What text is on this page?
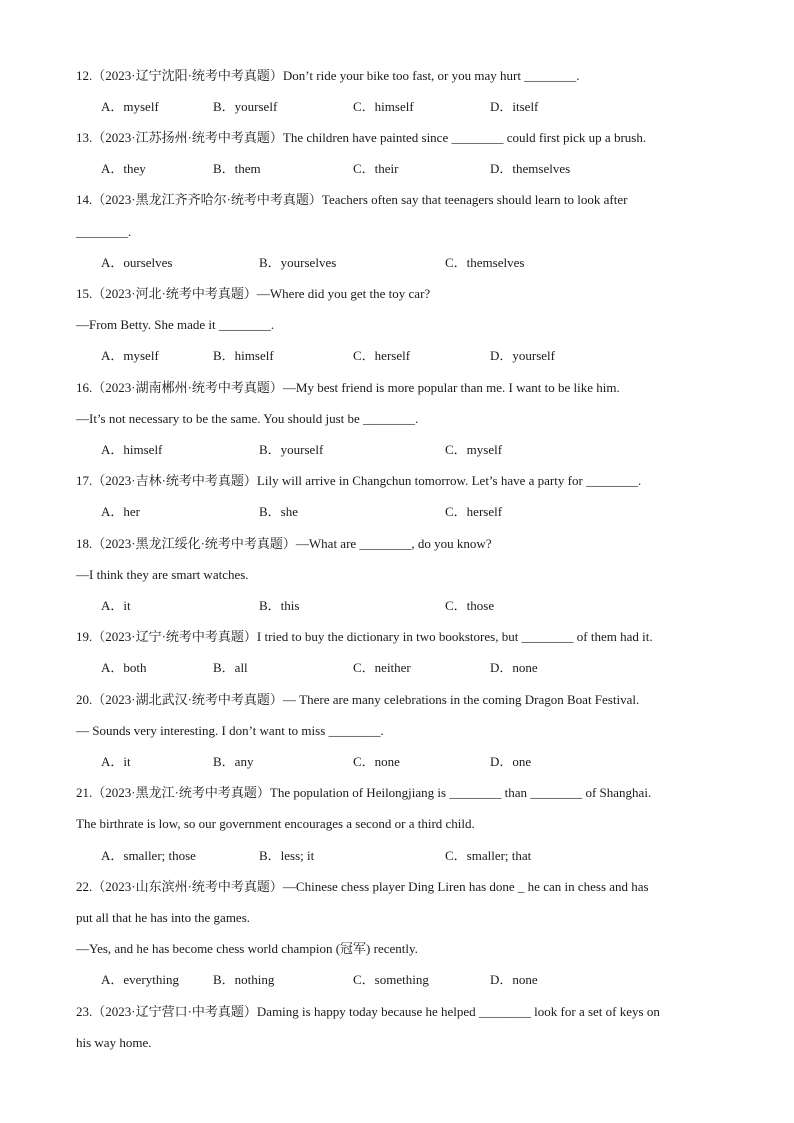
12.（2023·辽宁沈阳·统考中考真题）Don’t ride your bike too fast, or you may hurt ________.
A．myself	B．yourself	C．himself	D．itself
13.（2023·江苏扬州·统考中考真题）The children have painted since ________ could first pick up a brush.
A．they	B．them	C．their	D．themselves
14.（2023·黑龙江齐齐哈尔·统考中考真题）Teachers often say that teenagers should learn to look after
________.
A．ourselves	B．yourselves	C．themselves
15.（2023·河北·统考中考真题）—Where did you get the toy car?
—From Betty. She made it ________.
A．myself	B．himself	C．herself	D．yourself
16.（2023·湖南郴州·统考中考真题）—My best friend is more popular than me. I want to be like him.
—It’s not necessary to be the same. You should just be ________.
A．himself	B．yourself	C．myself
17.（2023·吉林·统考中考真题）Lily will arrive in Changchun tomorrow. Let’s have a party for ________.
A．her	B．she	C．herself
18.（2023·黑龙江绥化·统考中考真题）—What are ________, do you know?
—I think they are smart watches.
A．it	B．this	C．those
19.（2023·辽宁·统考中考真题）I tried to buy the dictionary in two bookstores, but ________ of them had it.
A．both	B．all	C．neither	D．none
20.（2023·湖北武汉·统考中考真题）— There are many celebrations in the coming Dragon Boat Festival.
— Sounds very interesting. I don’t want to miss ________.
A．it	B．any	C．none	D．one
21.（2023·黑龙江·统考中考真题）The population of Heilongjiang is ________ than ________ of Shanghai.
The birthrate is low, so our government encourages a second or a third child.
A．smaller; those	B．less; it	C．smaller; that
22.（2023·山东滨州·统考中考真题）—Chinese chess player Ding Liren has done _ he can in chess and has
put all that he has into the games.
—Yes, and he has become chess world champion (冠军) recently.
A．everything	B．nothing	C．something	D．none
23.（2023·辽宁营口·中考真题）Daming is happy today because he helped ________ look for a set of keys on
his way home.
